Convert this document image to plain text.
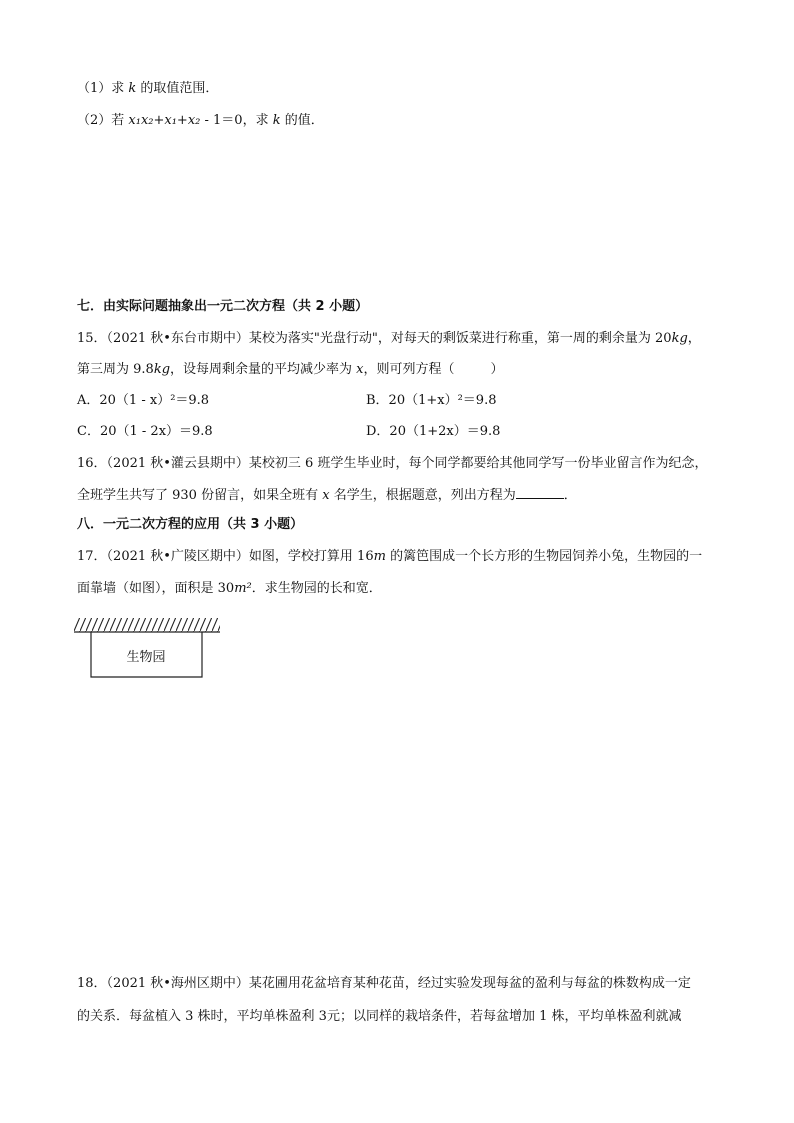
（1）求 k 的取值范围．
（2）若 x₁x₂+x₁+x₂ - 1＝0，求 k 的值．
七．由实际问题抽象出一元二次方程（共 2 小题）
15．（2021 秋•东台市期中）某校为落实"光盘行动"，对每天的剩饭菜进行称重，第一周的剩余量为 20kg，
第三周为 9.8kg，设每周剩余量的平均减少率为 x，则可列方程（	）
A．20（1 - x）²＝9.8	B．20（1+x）²＝9.8
C．20（1 - 2x）＝9.8	D．20（1+2x）＝9.8
16．（2021 秋•灌云县期中）某校初三 6 班学生毕业时，每个同学都要给其他同学写一份毕业留言作为纪念，
全班学生共写了 930 份留言，如果全班有 x 名学生，根据题意，列出方程为	．
八．一元二次方程的应用（共 3 小题）
17．（2021 秋•广陵区期中）如图，学校打算用 16m 的篱笆围成一个长方形的生物园饲养小兔，生物园的一
面靠墙（如图），面积是 30m²．求生物园的长和宽．
生物园
18．（2021 秋•海州区期中）某花圃用花盆培育某种花苗，经过实验发现每盆的盈利与每盆的株数构成一定
的关系．每盆植入 3 株时，平均单株盈利 3元；以同样的栽培条件，若每盆增加 1 株，平均单株盈利就减
